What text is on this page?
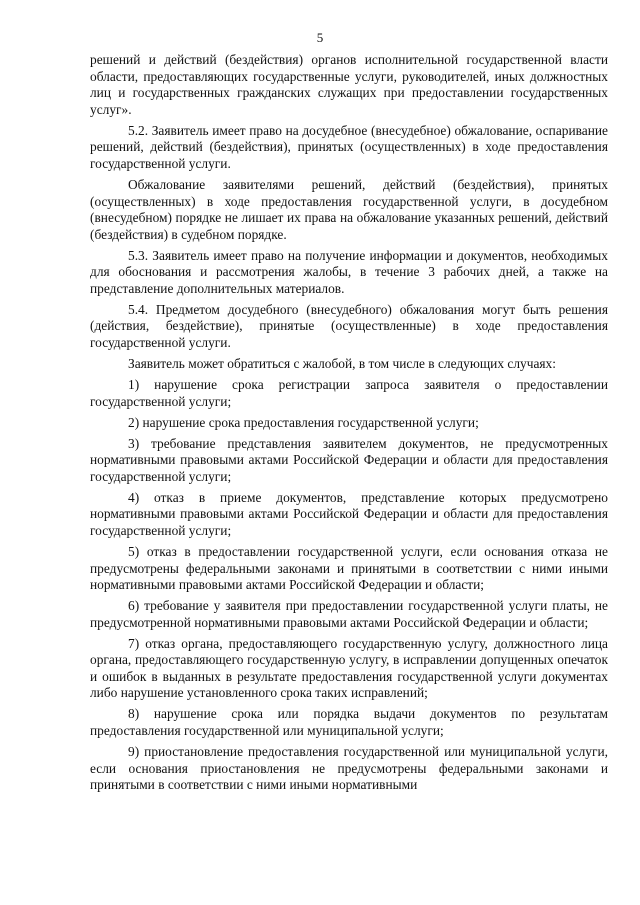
5

решений и действий (бездействия) органов исполнительной государственной власти области, предоставляющих государственные услуги, руководителей, иных должностных лиц и государственных гражданских служащих при предоставлении государственных услуг».

5.2. Заявитель имеет право на досудебное (внесудебное) обжалование, оспаривание решений, действий (бездействия), принятых (осуществленных) в ходе предоставления государственной услуги.

Обжалование заявителями решений, действий (бездействия), принятых (осуществленных) в ходе предоставления государственной услуги, в досудебном (внесудебном) порядке не лишает их права на обжалование указанных решений, действий (бездействия) в судебном порядке.

5.3. Заявитель имеет право на получение информации и документов, необходимых для обоснования и рассмотрения жалобы, в течение 3 рабочих дней, а также на представление дополнительных материалов.

5.4. Предметом досудебного (внесудебного) обжалования могут быть решения (действия, бездействие), принятые (осуществленные) в ходе предоставления государственной услуги.

Заявитель может обратиться с жалобой, в том числе в следующих случаях:

1) нарушение срока регистрации запроса заявителя о предоставлении государственной услуги;

2) нарушение срока предоставления государственной услуги;

3) требование представления заявителем документов, не предусмотренных нормативными правовыми актами Российской Федерации и области для предоставления государственной услуги;

4) отказ в приеме документов, представление которых предусмотрено нормативными правовыми актами Российской Федерации и области для предоставления государственной услуги;

5) отказ в предоставлении государственной услуги, если основания отказа не предусмотрены федеральными законами и принятыми в соответствии с ними иными нормативными правовыми актами Российской Федерации и области;

6) требование у заявителя при предоставлении государственной услуги платы, не предусмотренной нормативными правовыми актами Российской Федерации и области;

7) отказ органа, предоставляющего государственную услугу, должностного лица органа, предоставляющего государственную услугу, в исправлении допущенных опечаток и ошибок в выданных в результате предоставления государственной услуги документах либо нарушение установленного срока таких исправлений;

8) нарушение срока или порядка выдачи документов по результатам предоставления государственной или муниципальной услуги;

9) приостановление предоставления государственной или муниципальной услуги, если основания приостановления не предусмотрены федеральными законами и принятыми в соответствии с ними иными нормативными
